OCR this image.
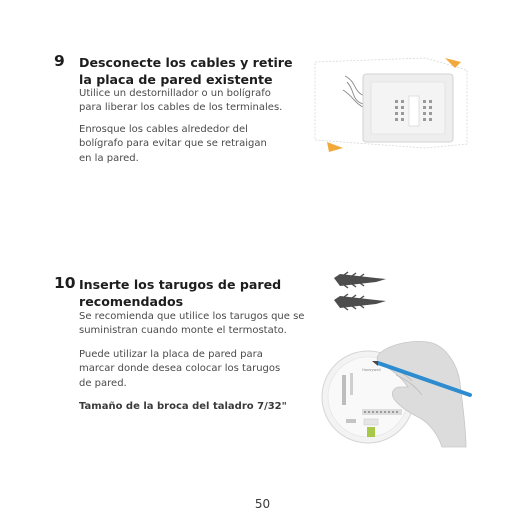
9 Desconecte los cables y retire
la placa de pared existente
Utilice un destornillador o un bolígrafo
para liberar los cables de los terminales.
Enrosque los cables alrededor del
bolígrafo para evitar que se retraigan
en la pared.
10 Inserte los tarugos de pared
recomendados
Se recomienda que utilice los tarugos que se
suministran cuando monte el termostato.
Puede utilizar la placa de pared para
marcar donde desea colocar los tarugos
de pared.
Tamaño de la broca del taladro 7/32"
Honeywell
50
